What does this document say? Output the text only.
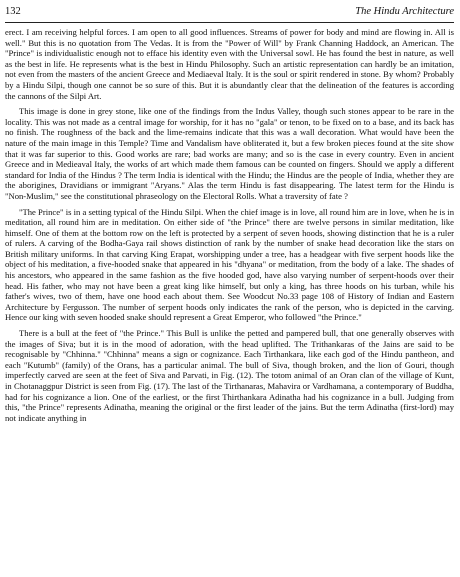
132	The Hindu Architecture

erect. I am receiving helpful forces. I am open to all good influences. Streams of power for body and mind are flowing in. All is well." But this is no quotation from The Vedas. It is from the "Power of Will" by Frank Channing Haddock, an American. The "Prince" is individualistic enough not to efface his identity even with the Universal sowl. He has found the best in nature, as well as the best in life. He represents what is the best in Hindu Philosophy. Such an artistic representation can hardly be an imitation, not even from the masters of the ancient Greece and Mediaeval Italy. It is the soul or spirit rendered in stone. By whom? Probably by a Hindu Silpi, though one cannot be so sure of this. But it is abundantly clear that the delineation of the features is according the cannons of the Silpi Art.

This image is done in grey stone, like one of the findings from the Indus Valley, though such stones appear to be rare in the locality. This was not made as a central image for worship, for it has no "gala" or tenon, to be fixed on to a base, and its back has no finish. The roughness of the back and the lime-remains indicate that this was a wall decoration. What would have been the nature of the main image in this Temple? Time and Vandalism have obliterated it, but a few broken pieces found at the site show that it was far superior to this. Good works are rare; bad works are many; and so is the case in every country. Even in ancient Greece and in Medieaval Italy, the works of art which made them famous can be counted on fingers. Should we apply a different standard for India of the Hindus ? The term India is identical with the Hindu; the Hindus are the people of India, whether they are the aborigines, Dravidians or immigrant "Aryans." Alas the term Hindu is fast disappearing. The latest term for the Hindu is "Non-Muslim," see the constitutional phraseology on the Electoral Rolls. What a traversity of fate ?

"The Prince" is in a setting typical of the Hindu Silpi. When the chief image is in love, all round him are in love, when he is in meditation, all round him are in meditation. On either side of "the Prince" there are twelve persons in similar meditation, like himself. One of them at the bottom row on the left is protected by a serpent of seven hoods, showing distinction that he is a ruler of rulers. A carving of the Bodha-Gaya rail shows distinction of rank by the number of snake head decoration like the stars on British military uniforms. In that carving King Erapat, worshipping under a tree, has a headgear with five serpent hoods like the object of his meditation, a five-hooded snake that appeared in his "dhyana" or meditation, from the body of a lake. The shades of his ancestors, who appeared in the same fashion as the five hooded god, have also varying number of serpent-hoods over their head. His father, who may not have been a great king like himself, but only a king, has three hoods on his turban, while his father's wives, two of them, have one hood each about them. See Woodcut No.33 page 108 of History of Indian and Eastern Architecture by Fergusson. The number of serpent hoods only indicates the rank of the person, who is depicted in the carving. Hence our king with seven hooded snake should represent a Great Emperor, who followed "the Prince."

There is a bull at the feet of "the Prince." This Bull is unlike the petted and pampered bull, that one generally observes with the images of Siva; but it is in the mood of adoration, with the head uplifted. The Trithankaras of the Jains are said to be recognisable by "Chhinna." "Chhinna" means a sign or cognizance. Each Tirthankara, like each god of the Hindu pantheon, and each "Kutumb" (family) of the Orans, has a particular animal. The bull of Siva, though broken, and the lion of Gouri, though imperfectly carved are seen at the feet of Siva and Parvati, in Fig. (12). The totom animal of an Oran clan of the village of Kunt, in Chotanaggpur District is seen from Fig. (17). The last of the Tirthanaras, Mahavira or Vardhamana, a contemporary of Buddha, had for his cognizance a lion. One of the earliest, or the first Thirthankara Adinatha had his cognizance in a bull. Judging from this, "the Prince" represents Adinatha, meaning the original or the first leader of the jains. But the term Adinatha (first-lord) may not indicate anything in
